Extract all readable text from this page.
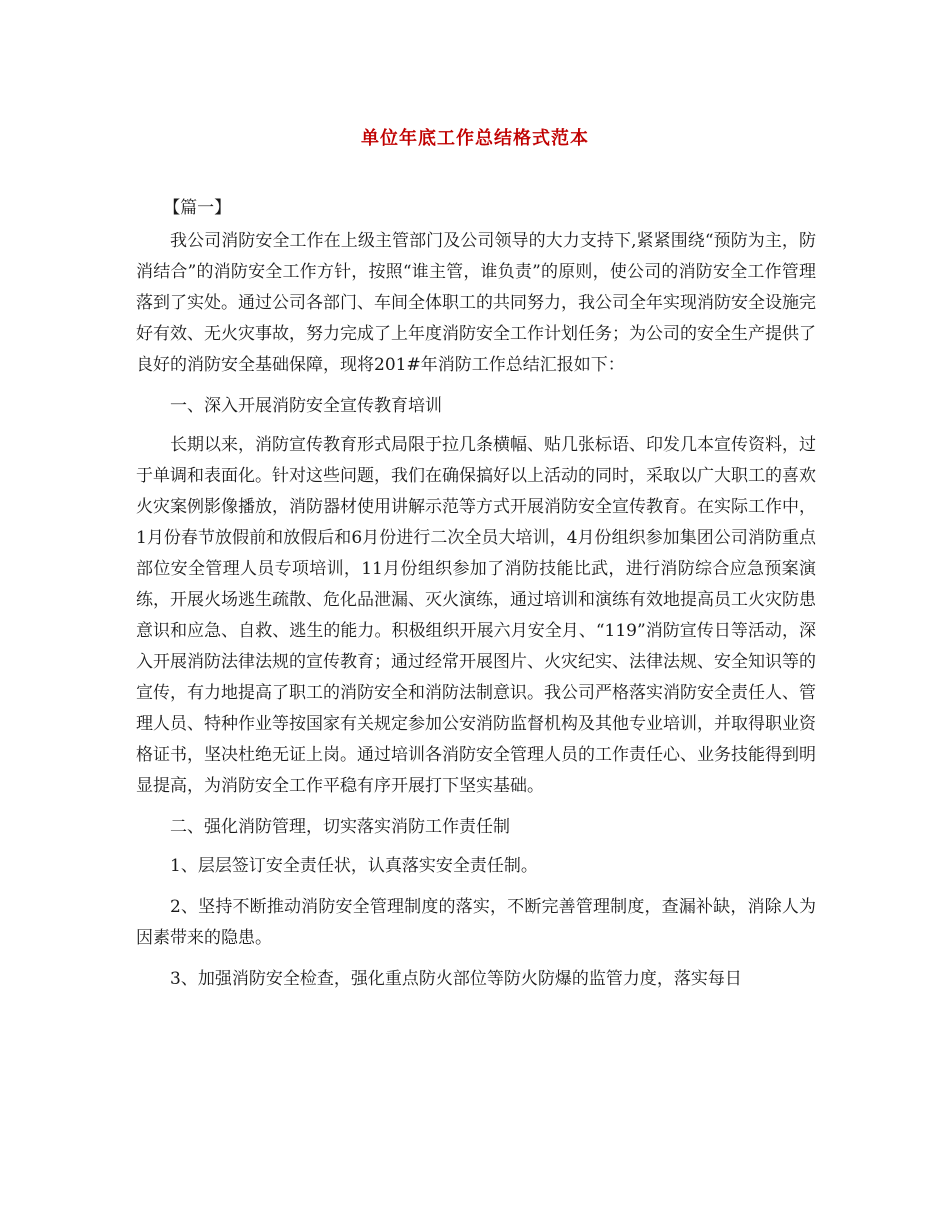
单位年底工作总结格式范本

【篇一】

我公司消防安全工作在上级主管部门及公司领导的大力支持下,紧紧围绕“预防为主，防消结合”的消防安全工作方针，按照“谁主管，谁负责”的原则，使公司的消防安全工作管理落到了实处。通过公司各部门、车间全体职工的共同努力，我公司全年实现消防安全设施完好有效、无火灾事故，努力完成了上年度消防安全工作计划任务；为公司的安全生产提供了良好的消防安全基础保障，现将201#年消防工作总结汇报如下：

一、深入开展消防安全宣传教育培训

长期以来，消防宣传教育形式局限于拉几条横幅、贴几张标语、印发几本宣传资料，过于单调和表面化。针对这些问题，我们在确保搞好以上活动的同时，采取以广大职工的喜欢火灾案例影像播放，消防器材使用讲解示范等方式开展消防安全宣传教育。在实际工作中，1月份春节放假前和放假后和6月份进行二次全员大培训，4月份组织参加集团公司消防重点部位安全管理人员专项培训，11月份组织参加了消防技能比武，进行消防综合应急预案演练，开展火场逃生疏散、危化品泄漏、灭火演练，通过培训和演练有效地提高员工火灾防患意识和应急、自救、逃生的能力。积极组织开展六月安全月、“119”消防宣传日等活动，深入开展消防法律法规的宣传教育；通过经常开展图片、火灾纪实、法律法规、安全知识等的宣传，有力地提高了职工的消防安全和消防法制意识。我公司严格落实消防安全责任人、管理人员、特种作业等按国家有关规定参加公安消防监督机构及其他专业培训，并取得职业资格证书，坚决杜绝无证上岗。通过培训各消防安全管理人员的工作责任心、业务技能得到明显提高，为消防安全工作平稳有序开展打下坚实基础。

二、强化消防管理，切实落实消防工作责任制

1、层层签订安全责任状，认真落实安全责任制。

2、坚持不断推动消防安全管理制度的落实，不断完善管理制度，查漏补缺，消除人为因素带来的隐患。

3、加强消防安全检查，强化重点防火部位等防火防爆的监管力度，落实每日
